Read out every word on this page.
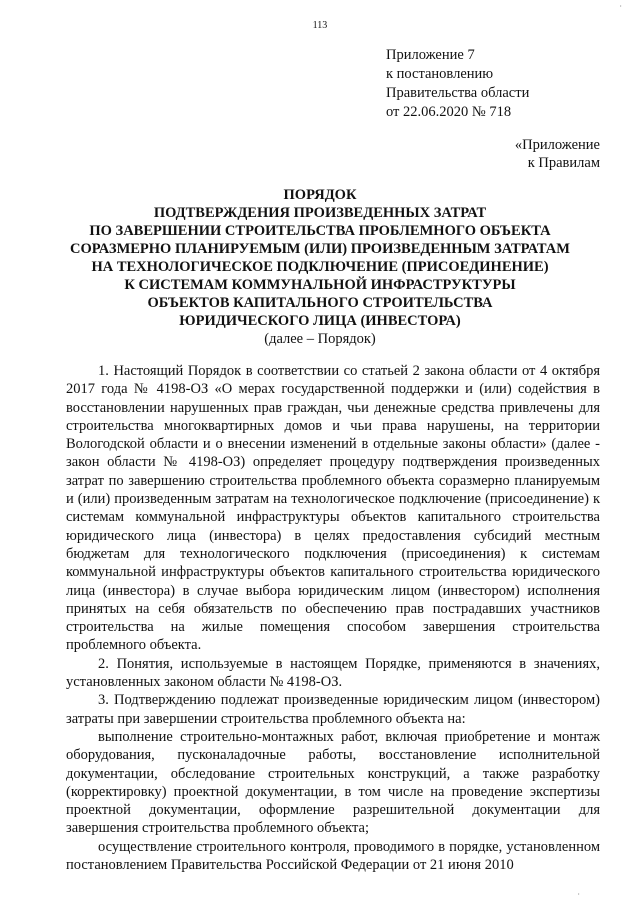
113
Приложение 7
к постановлению
Правительства области
от 22.06.2020 № 718
«Приложение
к Правилам
ПОРЯДОК
ПОДТВЕРЖДЕНИЯ ПРОИЗВЕДЕННЫХ ЗАТРАТ
ПО ЗАВЕРШЕНИИ СТРОИТЕЛЬСТВА ПРОБЛЕМНОГО ОБЪЕКТА
СОРАЗМЕРНО ПЛАНИРУЕМЫМ (ИЛИ) ПРОИЗВЕДЕННЫМ ЗАТРАТАМ
НА ТЕХНОЛОГИЧЕСКОЕ ПОДКЛЮЧЕНИЕ (ПРИСОЕДИНЕНИЕ)
К СИСТЕМАМ КОММУНАЛЬНОЙ ИНФРАСТРУКТУРЫ
ОБЪЕКТОВ КАПИТАЛЬНОГО СТРОИТЕЛЬСТВА
ЮРИДИЧЕСКОГО ЛИЦА (ИНВЕСТОРА)
(далее – Порядок)

1. Настоящий Порядок в соответствии со статьей 2 закона области от 4 октября 2017 года № 4198-ОЗ «О мерах государственной поддержки и (или) содействия в восстановлении нарушенных прав граждан, чьи денежные средства привлечены для строительства многоквартирных домов и чьи права нарушены, на территории Вологодской области и о внесении изменений в отдельные законы области» (далее - закон области № 4198-ОЗ) определяет процедуру подтверждения произведенных затрат по завершению строительства проблемного объекта соразмерно планируемым и (или) произведенным затратам на технологическое подключение (присоединение) к системам коммунальной инфраструктуры объектов капитального строительства юридического лица (инвестора) в целях предоставления субсидий местным бюджетам для технологического подключения (присоединения) к системам коммунальной инфраструктуры объектов капитального строительства юридического лица (инвестора) в случае выбора юридическим лицом (инвестором) исполнения принятых на себя обязательств по обеспечению прав пострадавших участников строительства на жилые помещения способом завершения строительства проблемного объекта.

2. Понятия, используемые в настоящем Порядке, применяются в значениях, установленных законом области № 4198-ОЗ.

3. Подтверждению подлежат произведенные юридическим лицом (инвестором) затраты при завершении строительства проблемного объекта на:

выполнение строительно-монтажных работ, включая приобретение и монтаж оборудования, пусконаладочные работы, восстановление исполнительной документации, обследование строительных конструкций, а также разработку (корректировку) проектной документации, в том числе на проведение экспертизы проектной документации, оформление разрешительной документации для завершения строительства проблемного объекта;

осуществление строительного контроля, проводимого в порядке, установленном постановлением Правительства Российской Федерации от 21 июня 2010

·
·
